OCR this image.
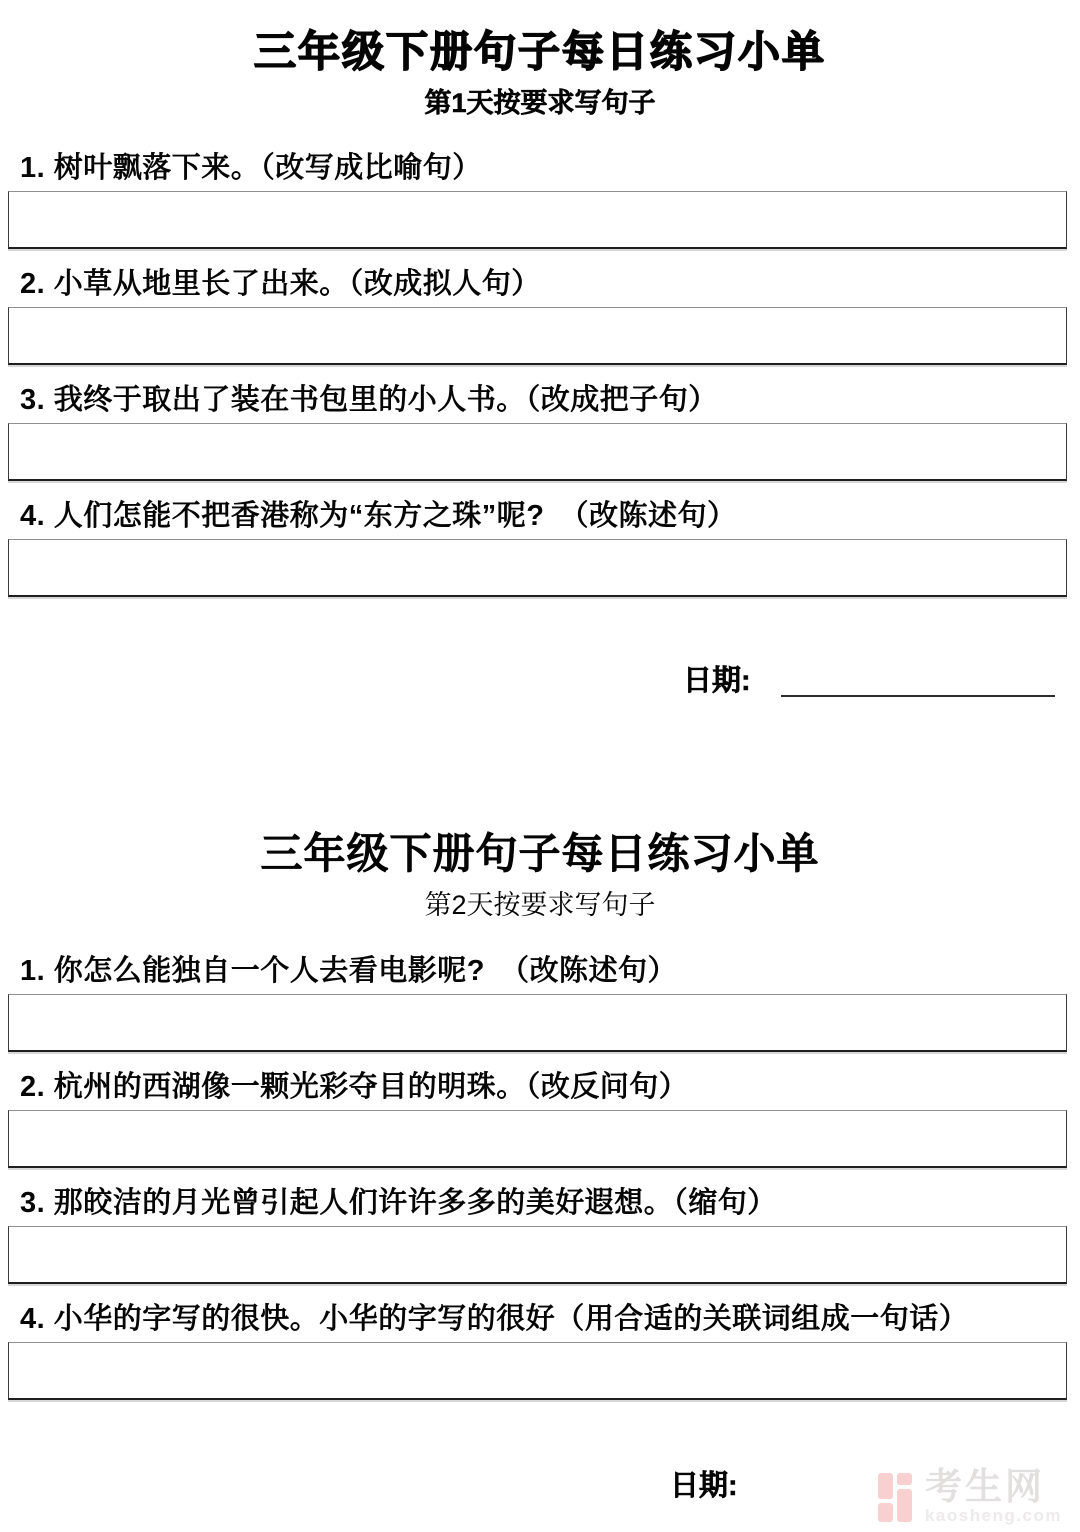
三年级下册句子每日练习小单
第1天按要求写句子

1. 树叶飘落下来。（改写成比喻句）

2. 小草从地里长了出来。（改成拟人句）

3. 我终于取出了装在书包里的小人书。（改成把子句）

4. 人们怎能不把香港称为“东方之珠”呢?　（改陈述句）

日期:
三年级下册句子每日练习小单
第2天按要求写句子

1. 你怎么能独自一个人去看电影呢?　（改陈述句）

2. 杭州的西湖像一颗光彩夺目的明珠。（改反问句）

3. 那皎洁的月光曾引起人们许许多多的美好遐想。（缩句）

4. 小华的字写的很快。小华的字写的很好（用合适的关联词组成一句话）

日期:	考生网
kaosheng.com
